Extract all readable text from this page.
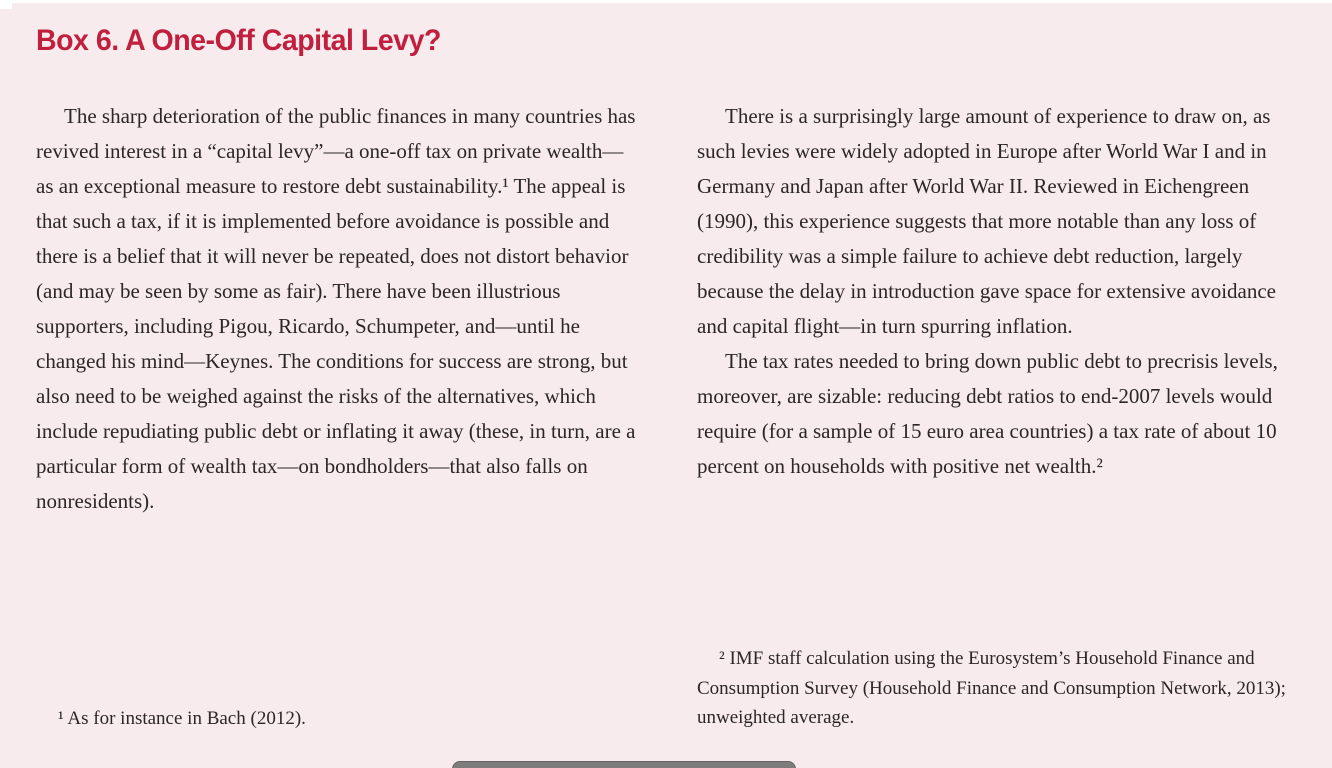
Box 6. A One-Off Capital Levy?

The sharp deterioration of the public finances in many countries has revived interest in a “capital levy”—a one-off tax on private wealth—as an exceptional measure to restore debt sustainability.¹ The appeal is that such a tax, if it is implemented before avoidance is possible and there is a belief that it will never be repeated, does not distort behavior (and may be seen by some as fair). There have been illustrious supporters, including Pigou, Ricardo, Schumpeter, and—until he changed his mind—Keynes. The conditions for success are strong, but also need to be weighed against the risks of the alternatives, which include repudiating public debt or inflating it away (these, in turn, are a particular form of wealth tax—on bondholders—that also falls on nonresidents).

There is a surprisingly large amount of experience to draw on, as such levies were widely adopted in Europe after World War I and in Germany and Japan after World War II. Reviewed in Eichengreen (1990), this experience suggests that more notable than any loss of credibility was a simple failure to achieve debt reduction, largely because the delay in introduction gave space for extensive avoidance and capital flight—in turn spurring inflation.

The tax rates needed to bring down public debt to precrisis levels, moreover, are sizable: reducing debt ratios to end-2007 levels would require (for a sample of 15 euro area countries) a tax rate of about 10 percent on households with positive net wealth.²

¹ As for instance in Bach (2012).
² IMF staff calculation using the Eurosystem’s Household Finance and Consumption Survey (Household Finance and Consumption Network, 2013); unweighted average.
